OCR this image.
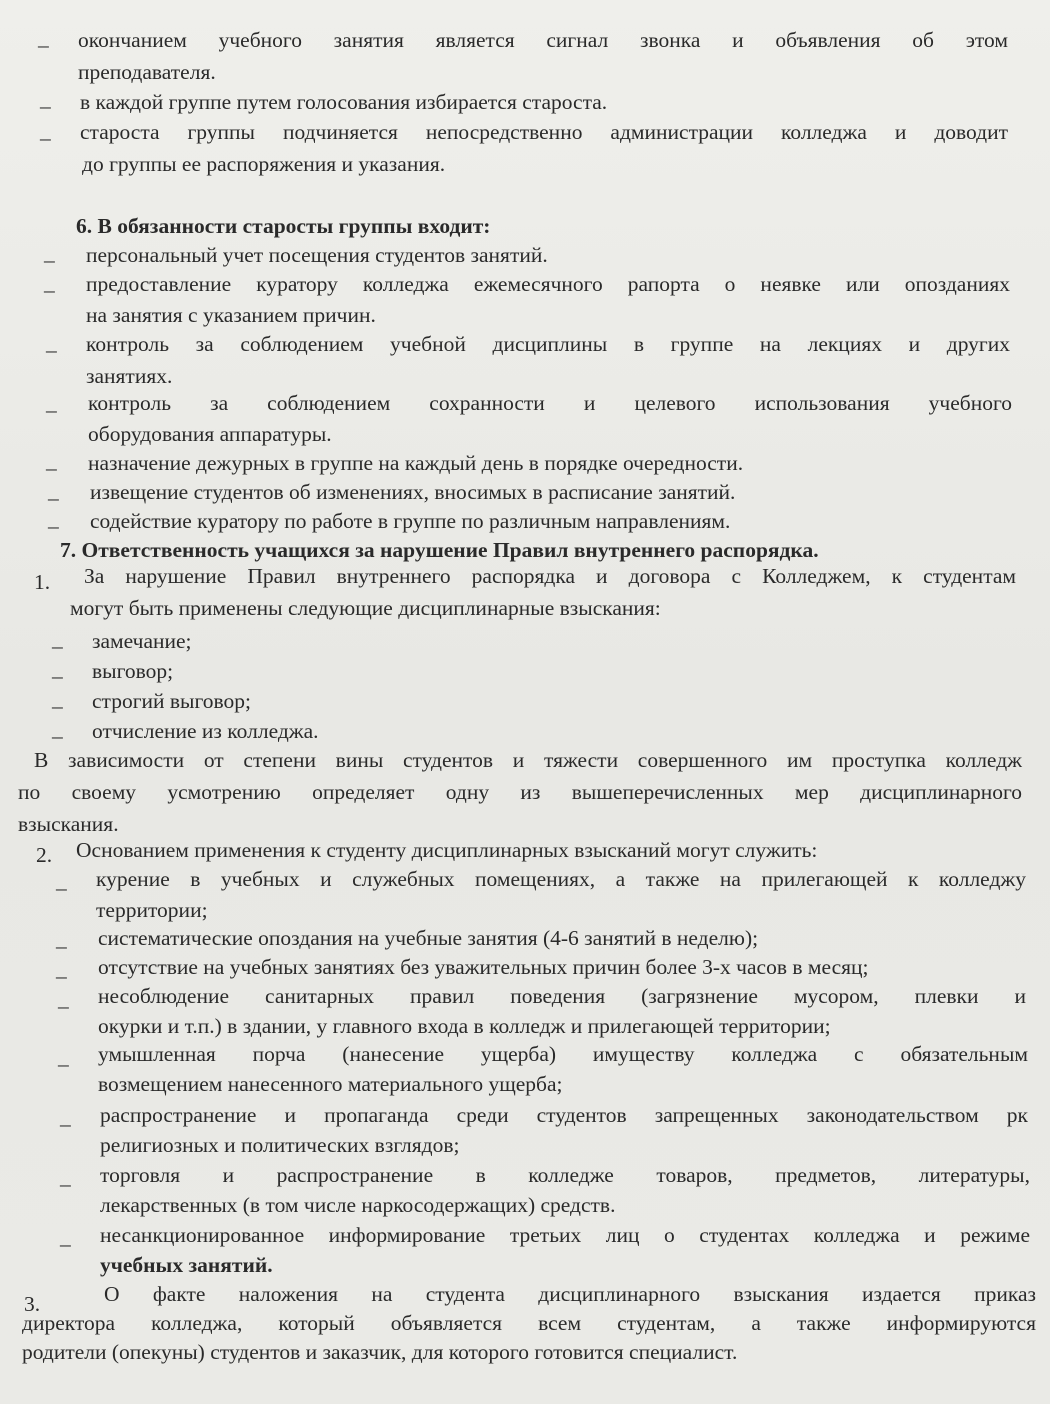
– окончанием учебного занятия является сигнал звонка и объявления об этом
преподавателя.
– в каждой группе путем голосования избирается староста.
– староста группы подчиняется непосредственно администрации колледжа и доводит
до группы ее распоряжения и указания.
6. В обязанности старосты группы входит:
– персональный учет посещения студентов занятий.
– предоставление куратору колледжа ежемесячного рапорта о неявке или опозданиях
на занятия с указанием причин.
– контроль за соблюдением учебной дисциплины в группе на лекциях и других
занятиях.
– контроль за соблюдением сохранности и целевого использования учебного
оборудования аппаратуры.
– назначение дежурных в группе на каждый день в порядке очередности.
– извещение студентов об изменениях, вносимых в расписание занятий.
– содействие куратору по работе в группе по различным направлениям.
7. Ответственность учащихся за нарушение Правил внутреннего распорядка.
1. За нарушение Правил внутреннего распорядка и договора с Колледжем, к студентам
могут быть применены следующие дисциплинарные взыскания:
– замечание;
– выговор;
– строгий выговор;
– отчисление из колледжа.
В зависимости от степени вины студентов и тяжести совершенного им проступка колледж
по своему усмотрению определяет одну из вышеперечисленных мер дисциплинарного
взыскания.
2. Основанием применения к студенту дисциплинарных взысканий могут служить:
– курение в учебных и служебных помещениях, а также на прилегающей к колледжу
территории;
– систематические опоздания на учебные занятия (4-6 занятий в неделю);
– отсутствие на учебных занятиях без уважительных причин более 3-х часов в месяц;
– несоблюдение санитарных правил поведения (загрязнение мусором, плевки и
окурки и т.п.) в здании, у главного входа в колледж и прилегающей территории;
– умышленная порча (нанесение ущерба) имуществу колледжа с обязательным
возмещением нанесенного материального ущерба;
– распространение и пропаганда среди студентов запрещенных законодательством рк
религиозных и политических взглядов;
– торговля и распространение в колледже товаров, предметов, литературы,
лекарственных (в том числе наркосодержащих) средств.
– несанкционированное информирование третьих лиц о студентах колледжа и режиме
учебных занятий.
3.	О факте наложения на студента дисциплинарного взыскания издается приказ
директора колледжа, который объявляется всем студентам, а также информируются
родители (опекуны) студентов и заказчик, для которого готовится специалист.
